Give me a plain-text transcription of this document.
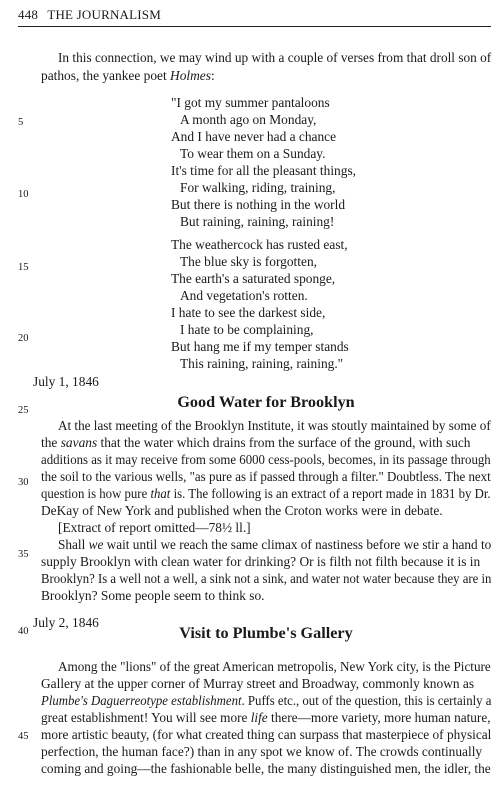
448 THE JOURNALISM
5
10
15
20
25
30
35
40
45
In this connection, we may wind up with a couple of verses from that droll son of
pathos, the yankee poet Holmes:
"I got my summer pantaloons
A month ago on Monday,
And I have never had a chance
To wear them on a Sunday.
It's time for all the pleasant things,
For walking, riding, training,
But there is nothing in the world
But raining, raining, raining!
The weathercock has rusted east,
The blue sky is forgotten,
The earth's a saturated sponge,
And vegetation's rotten.
I hate to see the darkest side,
I hate to be complaining,
But hang me if my temper stands
This raining, raining, raining."
July 1, 1846
Good Water for Brooklyn
At the last meeting of the Brooklyn Institute, it was stoutly maintained by some of
the savans that the water which drains from the surface of the ground, with such
additions as it may receive from some 6000 cess-pools, becomes, in its passage through
the soil to the various wells, "as pure as if passed through a filter." Doubtless. The next
question is how pure that is. The following is an extract of a report made in 1831 by Dr.
DeKay of New York and published when the Croton works were in debate.
[Extract of report omitted—78½ ll.]
Shall we wait until we reach the same climax of nastiness before we stir a hand to
supply Brooklyn with clean water for drinking? Or is filth not filth because it is in
Brooklyn? Is a well not a well, a sink not a sink, and water not water because they are in
Brooklyn? Some people seem to think so.
July 2, 1846
Visit to Plumbe's Gallery
Among the "lions" of the great American metropolis, New York city, is the Picture
Gallery at the upper corner of Murray street and Broadway, commonly known as
Plumbe's Daguerreotype establishment. Puffs etc., out of the question, this is certainly a
great establishment! You will see more life there—more variety, more human nature,
more artistic beauty, (for what created thing can surpass that masterpiece of physical
perfection, the human face?) than in any spot we know of. The crowds continually
coming and going—the fashionable belle, the many distinguished men, the idler, the
